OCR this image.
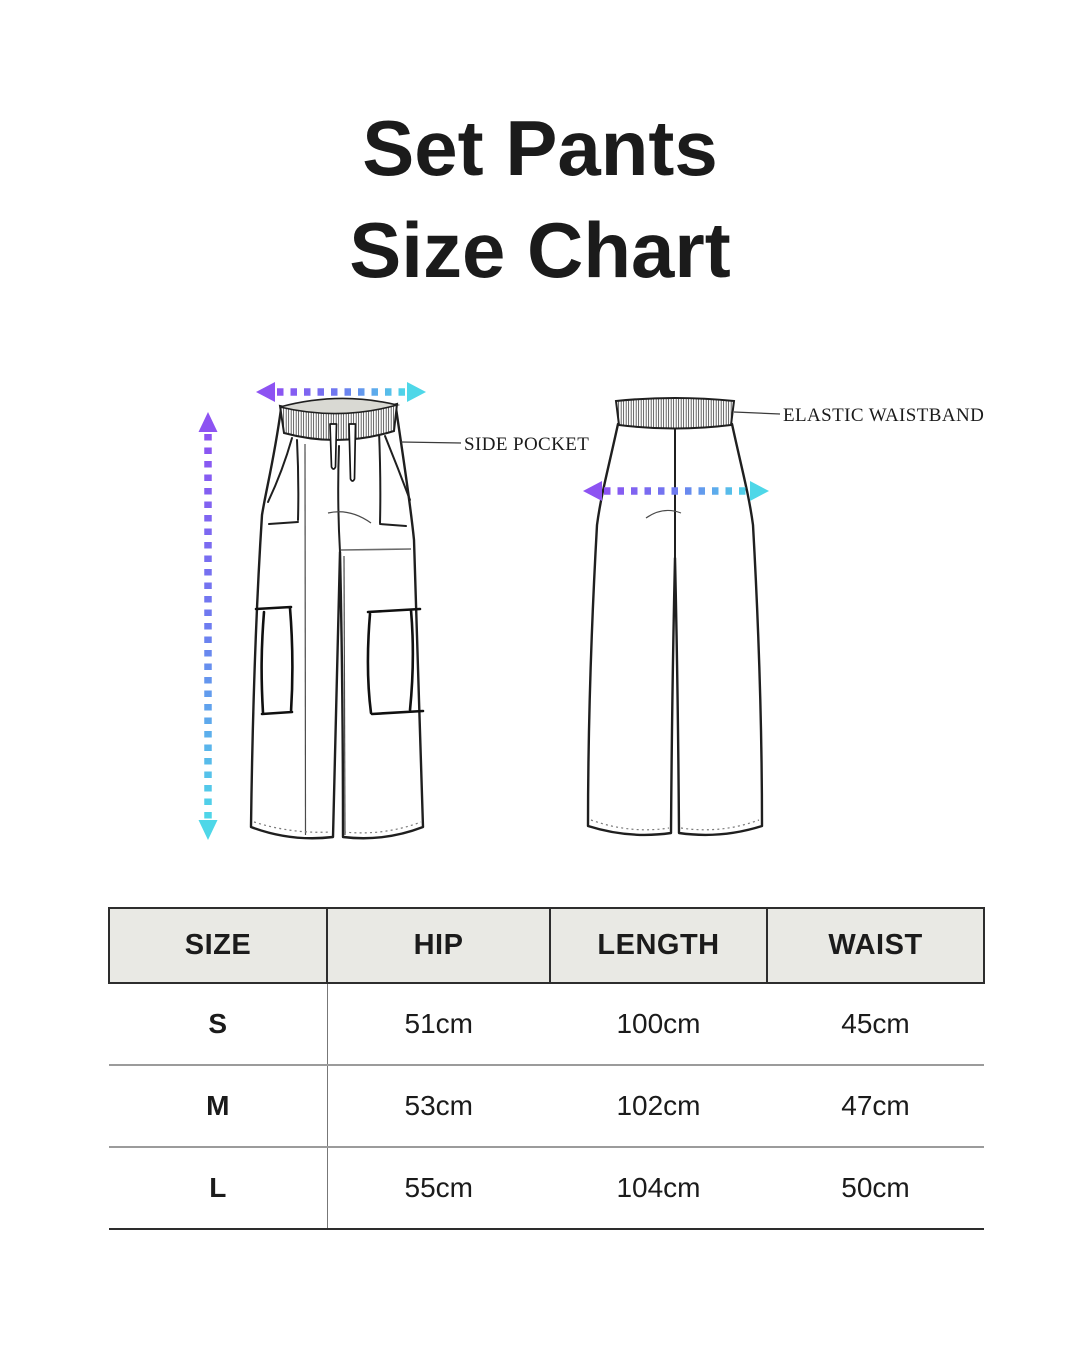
Set Pants
Size Chart
SIDE POCKET
ELASTIC WAISTBAND
SIZE	HIP	LENGTH	WAIST
S	51cm	100cm	45cm
M	53cm	102cm	47cm
L	55cm	104cm	50cm
